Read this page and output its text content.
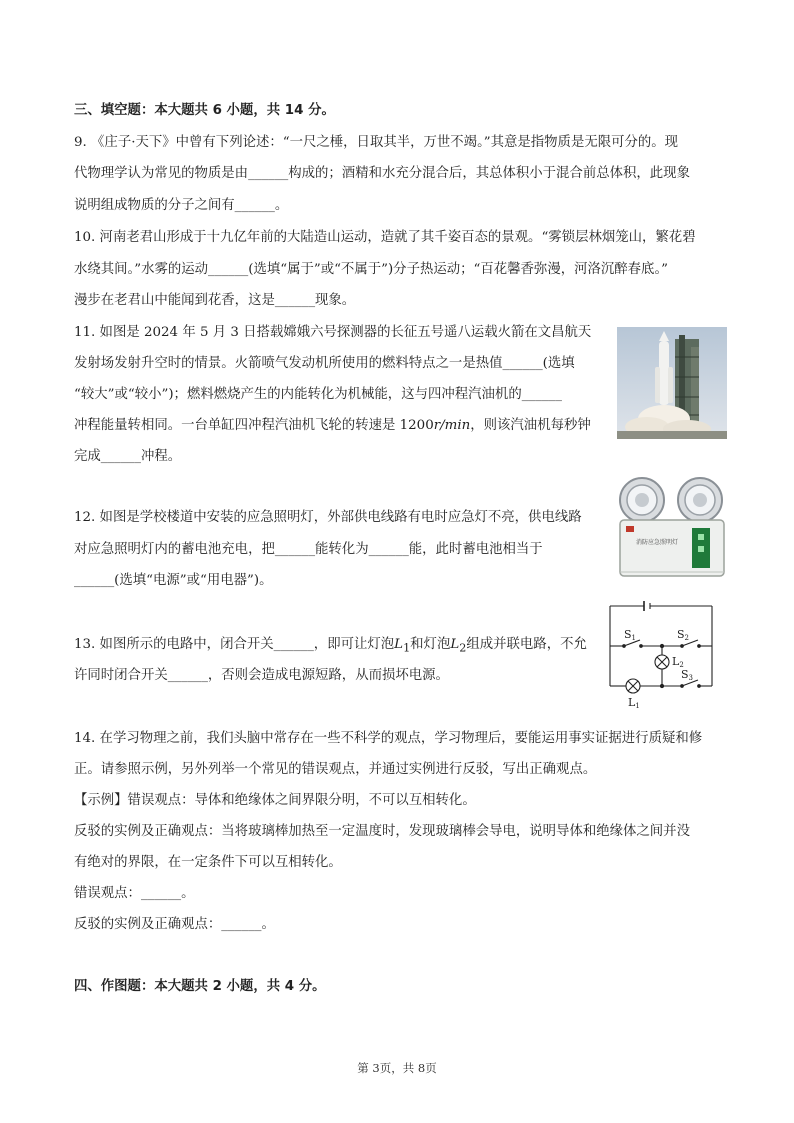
三、填空题：本大题共 6 小题，共 14 分。
9. 《庄子·天下》中曾有下列论述：“一尺之棰，日取其半，万世不竭。”其意是指物质是无限可分的。现
代物理学认为常见的物质是由______构成的；酒精和水充分混合后，其总体积小于混合前总体积，此现象
说明组成物质的分子之间有______。
10. 河南老君山形成于十九亿年前的大陆造山运动，造就了其千姿百态的景观。“雾锁层林烟笼山，繁花碧
水绕其间。”水雾的运动______(选填“属于”或“不属于”)分子热运动；“百花馨香弥漫，河洛沉醉春底。”
漫步在老君山中能闻到花香，这是______现象。
11. 如图是 2024 年 5 月 3 日搭载嫦娥六号探测器的长征五号遥八运载火箭在文昌航天
发射场发射升空时的情景。火箭喷气发动机所使用的燃料特点之一是热值______(选填
“较大”或“较小”)；燃料燃烧产生的内能转化为机械能，这与四冲程汽油机的______
冲程能量转相同。一台单缸四冲程汽油机飞轮的转速是 1200r/min，则该汽油机每秒钟
完成______冲程。
12. 如图是学校楼道中安装的应急照明灯，外部供电线路有电时应急灯不亮，供电线路
对应急照明灯内的蓄电池充电，把______能转化为______能，此时蓄电池相当于
______(选填“电源”或“用电器”)。
消防应急照明灯
13. 如图所示的电路中，闭合开关______，即可让灯泡$L_1$和灯泡$L_2$组成并联电路，不允
许同时闭合开关______，否则会造成电源短路，从而损坏电源。
S1	S2
L2
S3
L1
14. 在学习物理之前，我们头脑中常存在一些不科学的观点，学习物理后，要能运用事实证据进行质疑和修
正。请参照示例，另外列举一个常见的错误观点，并通过实例进行反驳，写出正确观点。
【示例】错误观点：导体和绝缘体之间界限分明，不可以互相转化。
反驳的实例及正确观点：当将玻璃棒加热至一定温度时，发现玻璃棒会导电，说明导体和绝缘体之间并没
有绝对的界限，在一定条件下可以互相转化。
错误观点：______。
反驳的实例及正确观点：______。
四、作图题：本大题共 2 小题，共 4 分。
第 3页，共 8页
